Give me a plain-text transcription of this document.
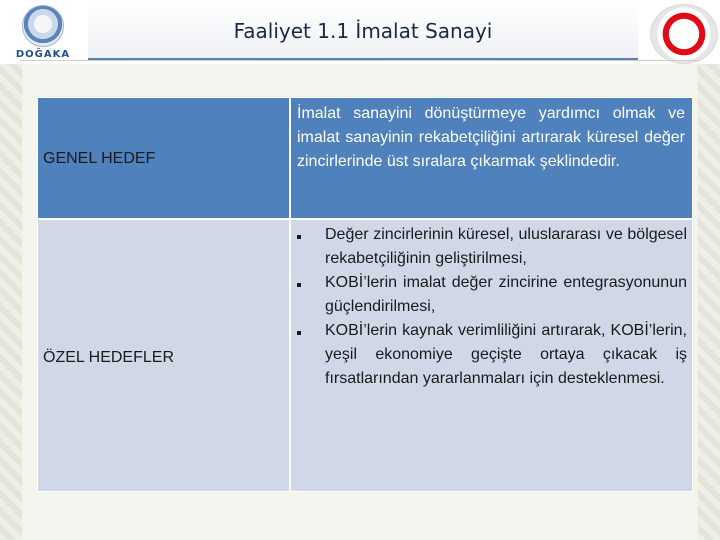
DOĞAKA
Faaliyet 1.1 İmalat Sanayi
GENEL HEDEF

İmalat sanayini dönüştürmeye yardımcı olmak ve imalat sanayinin rekabetçiliğini artırarak küresel değer zincirlerinde üst sıralara çıkarmak şeklindedir.

ÖZEL HEDEFLER
Değer zincirlerinin küresel, uluslararası ve bölgesel rekabetçiliğinin geliştirilmesi,
KOBİ’lerin imalat değer zincirine entegrasyonunun güçlendirilmesi,
KOBİ’lerin kaynak verimliliğini artırarak, KOBİ’lerin, yeşil ekonomiye geçişte ortaya çıkacak iş fırsatlarından yararlanmaları için desteklenmesi.
